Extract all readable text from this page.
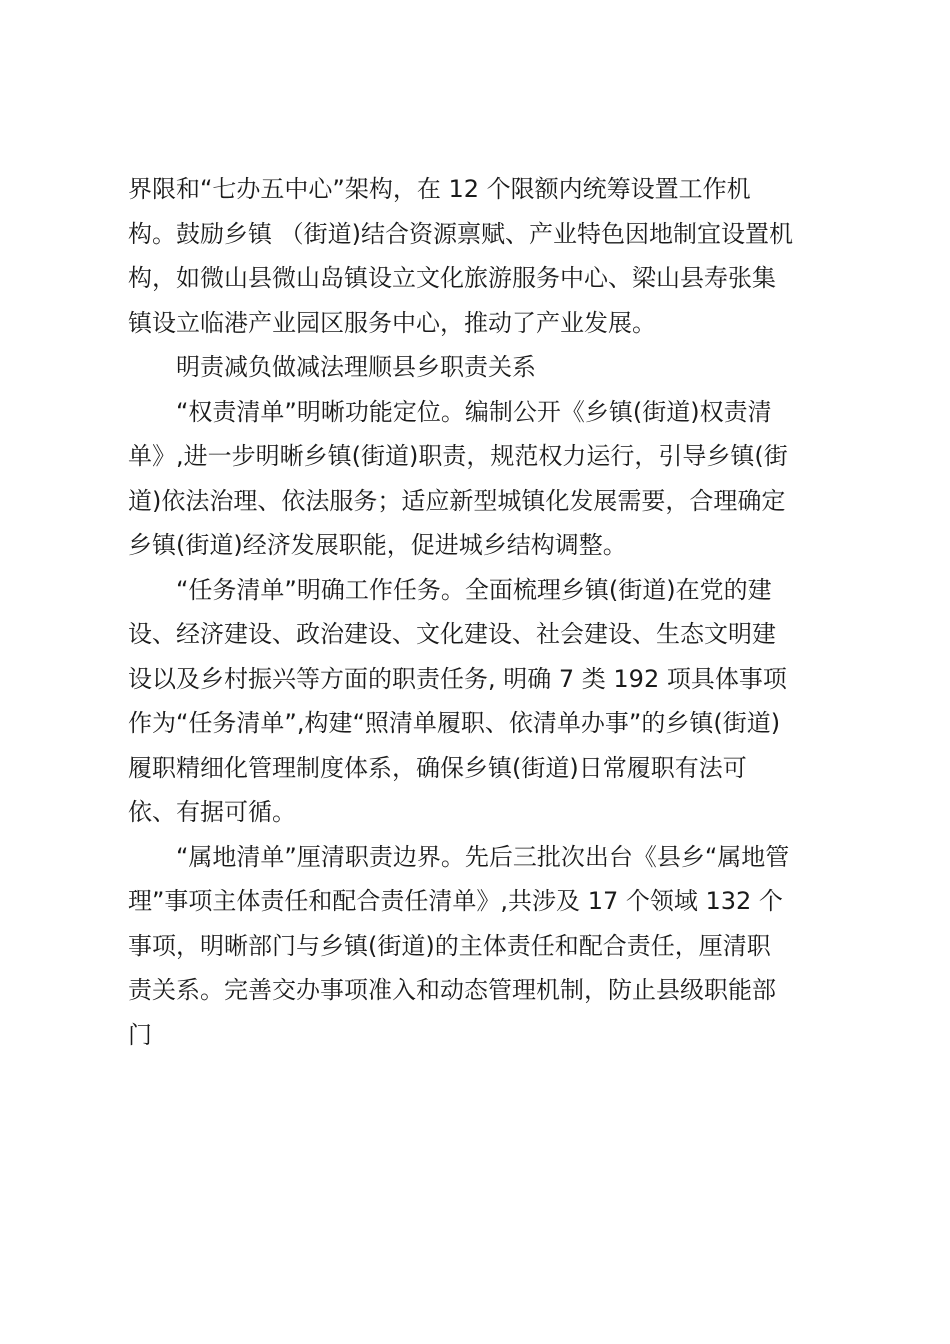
界限和“七办五中心”架构，在 12 个限额内统筹设置工作机
构。鼓励乡镇 （街道)结合资源禀赋、产业特色因地制宜设置机
构，如微山县微山岛镇设立文化旅游服务中心、梁山县寿张集
镇设立临港产业园区服务中心，推动了产业发展。
明责减负做减法理顺县乡职责关系
“权责清单”明晰功能定位。编制公开《乡镇(街道)权责清
单》,进一步明晰乡镇(街道)职责，规范权力运行，引导乡镇(街
道)依法治理、依法服务；适应新型城镇化发展需要，合理确定
乡镇(街道)经济发展职能，促进城乡结构调整。
“任务清单”明确工作任务。全面梳理乡镇(街道)在党的建
设、经济建设、政治建设、文化建设、社会建设、生态文明建
设以及乡村振兴等方面的职责任务, 明确 7 类 192 项具体事项
作为“任务清单”,构建“照清单履职、依清单办事”的乡镇(街道)
履职精细化管理制度体系，确保乡镇(街道)日常履职有法可
依、有据可循。
“属地清单”厘清职责边界。先后三批次出台《县乡“属地管
理”事项主体责任和配合责任清单》,共涉及 17 个领域 132 个
事项，明晰部门与乡镇(街道)的主体责任和配合责任，厘清职
责关系。完善交办事项准入和动态管理机制，防止县级职能部
门
